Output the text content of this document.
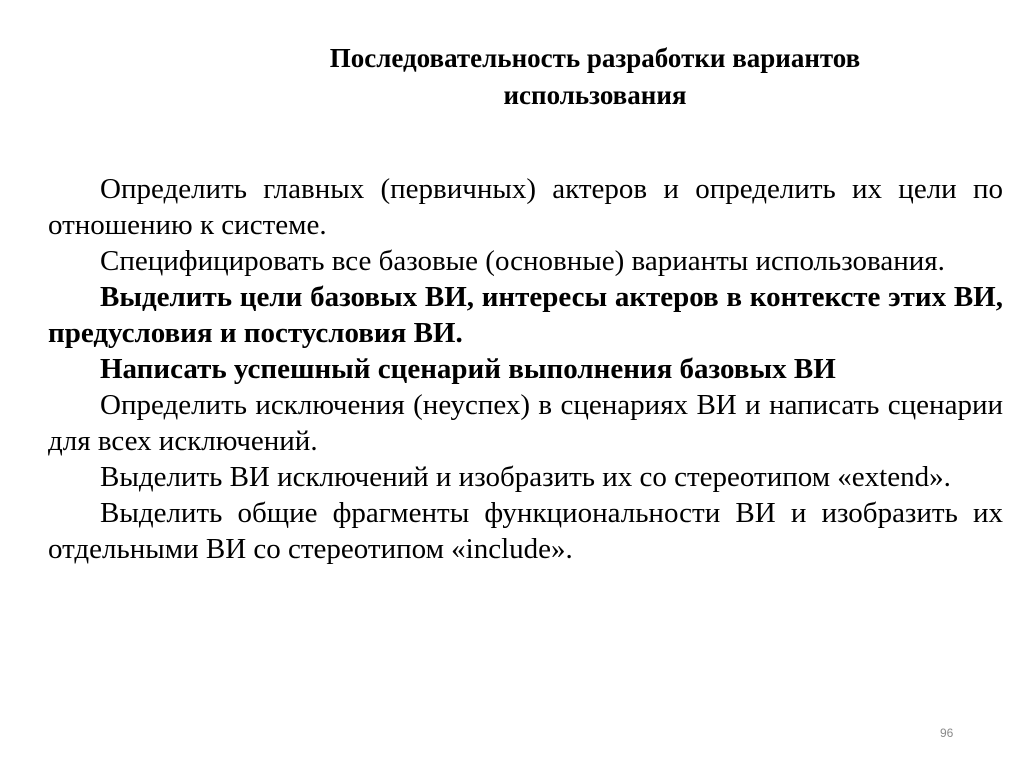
Последовательность разработки вариантов
использования

Определить главных (первичных) актеров и определить их цели по отношению к системе.

Специфицировать все базовые (основные) варианты использования.

Выделить цели базовых ВИ, интересы актеров в контексте этих ВИ, предусловия и постусловия ВИ.

Написать успешный сценарий выполнения базовых ВИ

Определить исключения (неуспех) в сценариях ВИ и написать сценарии для всех исключений.

Выделить ВИ исключений и изобразить их со стереотипом «extend».

Выделить общие фрагменты функциональности ВИ и изобразить их отдельными ВИ со стереотипом «include».

96
